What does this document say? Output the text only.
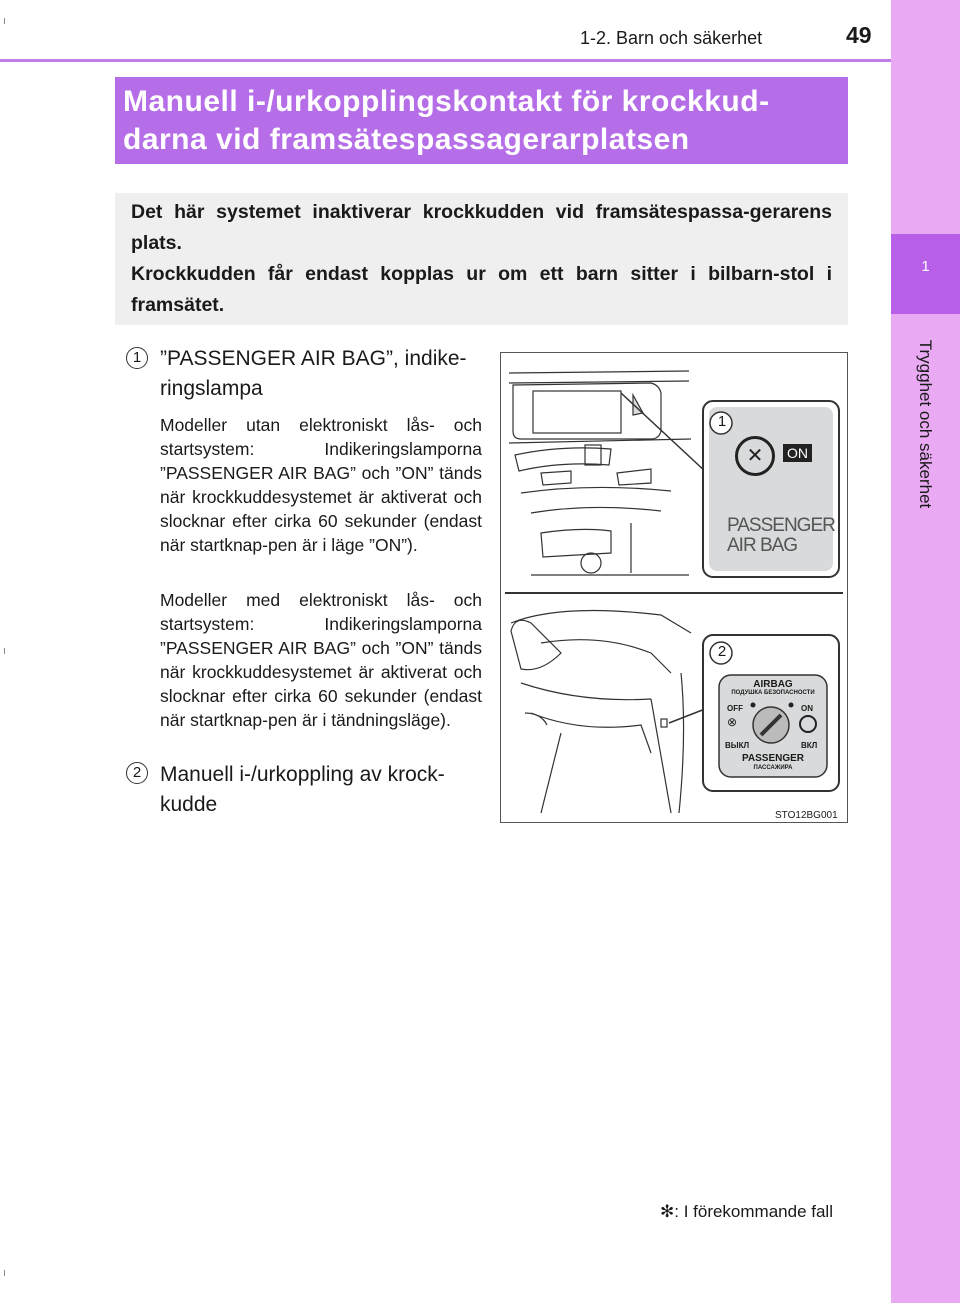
1
Trygghet och säkerhet
1-2. Barn och säkerhet	49
Manuell i-/urkopplingskontakt för krockkud-
darna vid framsätespassagerarplatsen

Det här systemet inaktiverar krockkudden vid framsätespassa-gerarens plats.

Krockkudden får endast kopplas ur om ett barn sitter i bilbarn-stol i framsätet.

1 ”PASSENGER AIR BAG”, indike-ringslampa

Modeller utan elektroniskt lås- och startsystem: Indikeringslamporna ”PASSENGER AIR BAG” och ”ON” tänds när krockkuddesystemet är aktiverat och slocknar efter cirka 60 sekunder (endast när startknap-pen är i läge ”ON”).

Modeller med elektroniskt lås- och startsystem: Indikeringslamporna ”PASSENGER AIR BAG” och ”ON” tänds när krockkuddesystemet är aktiverat och slocknar efter cirka 60 sekunder (endast när startknap-pen är i tändningsläge).

2 Manuell i-/urkoppling av krock-kudde
✕	ON
PASSENGER
AIR BAG
1
2
AIRBAG
ПОДУШКА БЕЗОПАСНОСТИ
OFF	ON
⊗
ВЫКЛ	ВКЛ
PASSENGER
ПАССАЖИРА
STO12BG001
✻: I förekommande fall
